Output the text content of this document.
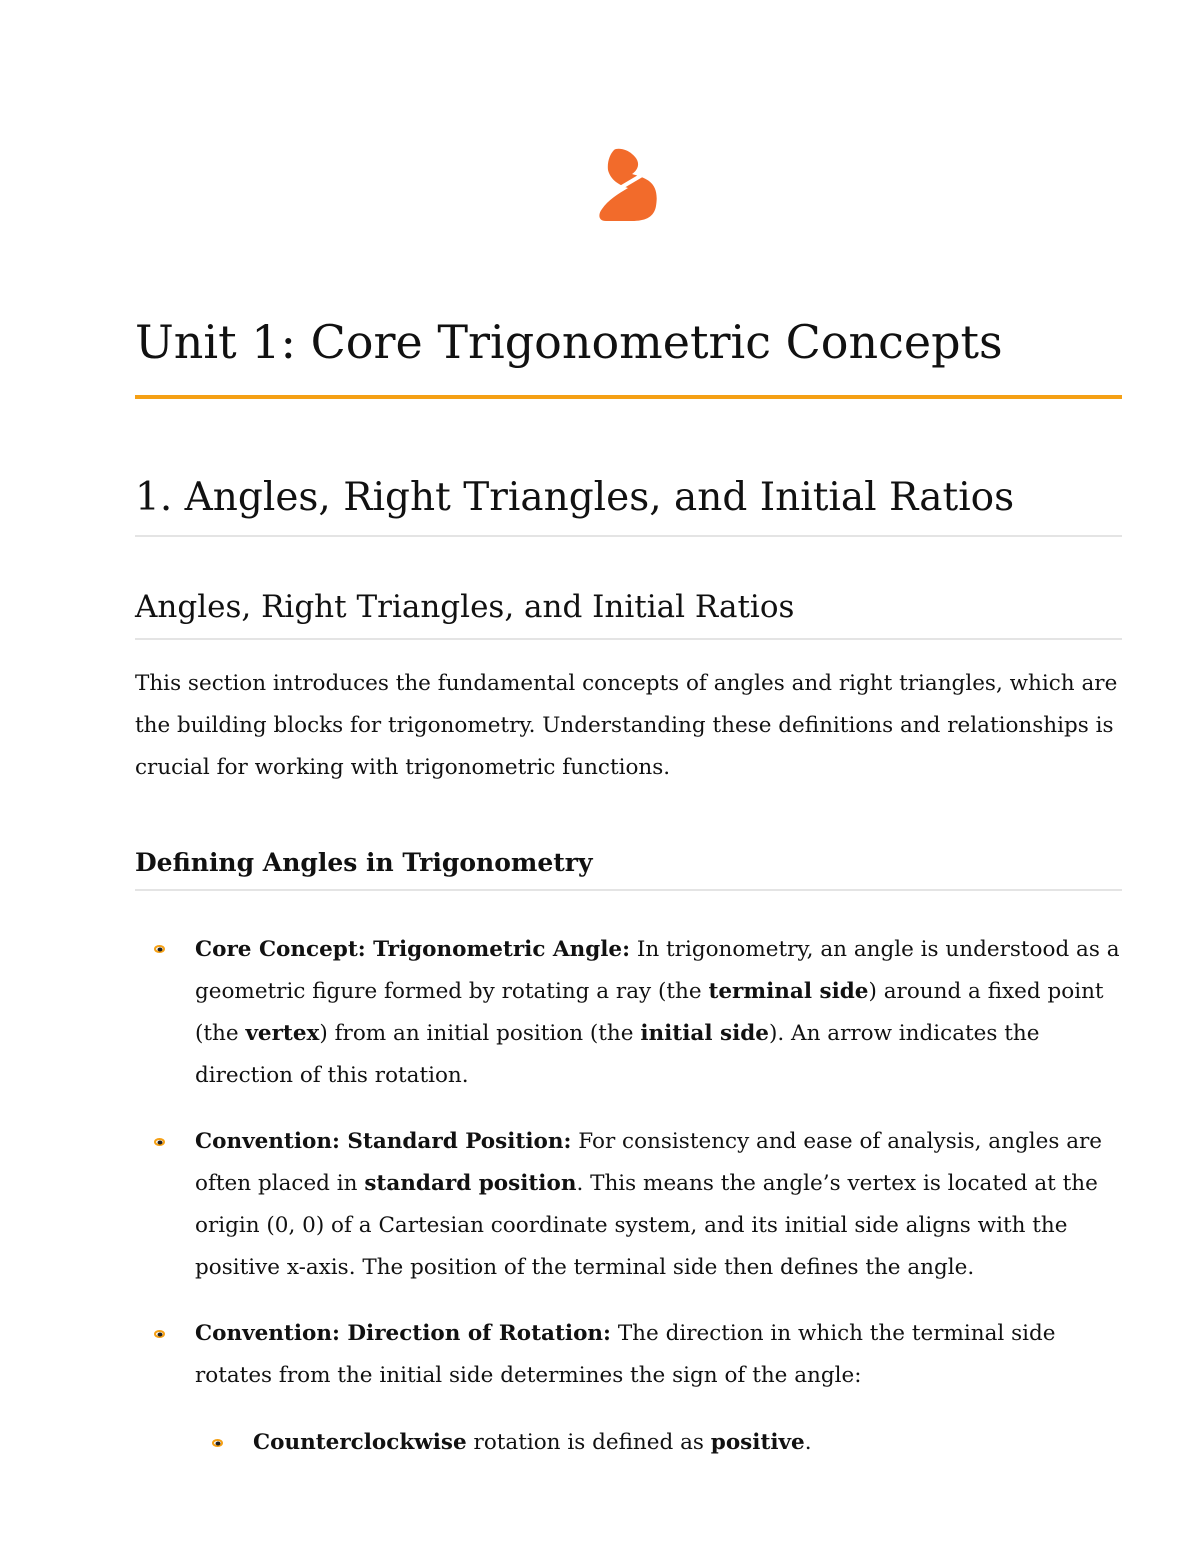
Unit 1: Core Trigonometric Concepts
1. Angles, Right Triangles, and Initial Ratios
Angles, Right Triangles, and Initial Ratios

This section introduces the fundamental concepts of angles and right triangles, which are the building blocks for trigonometry. Understanding these definitions and relationships is crucial for working with trigonometric functions.

Defining Angles in Trigonometry

Core Concept: Trigonometric Angle: In trigonometry, an angle is understood as a geometric figure formed by rotating a ray (the terminal side) around a fixed point (the vertex) from an initial position (the initial side). An arrow indicates the direction of this rotation.

Convention: Standard Position: For consistency and ease of analysis, angles are often placed in standard position. This means the angle’s vertex is located at the origin (0, 0) of a Cartesian coordinate system, and its initial side aligns with the positive x-axis. The position of the terminal side then defines the angle.

Convention: Direction of Rotation: The direction in which the terminal side rotates from the initial side determines the sign of the angle:

Counterclockwise rotation is defined as positive.
